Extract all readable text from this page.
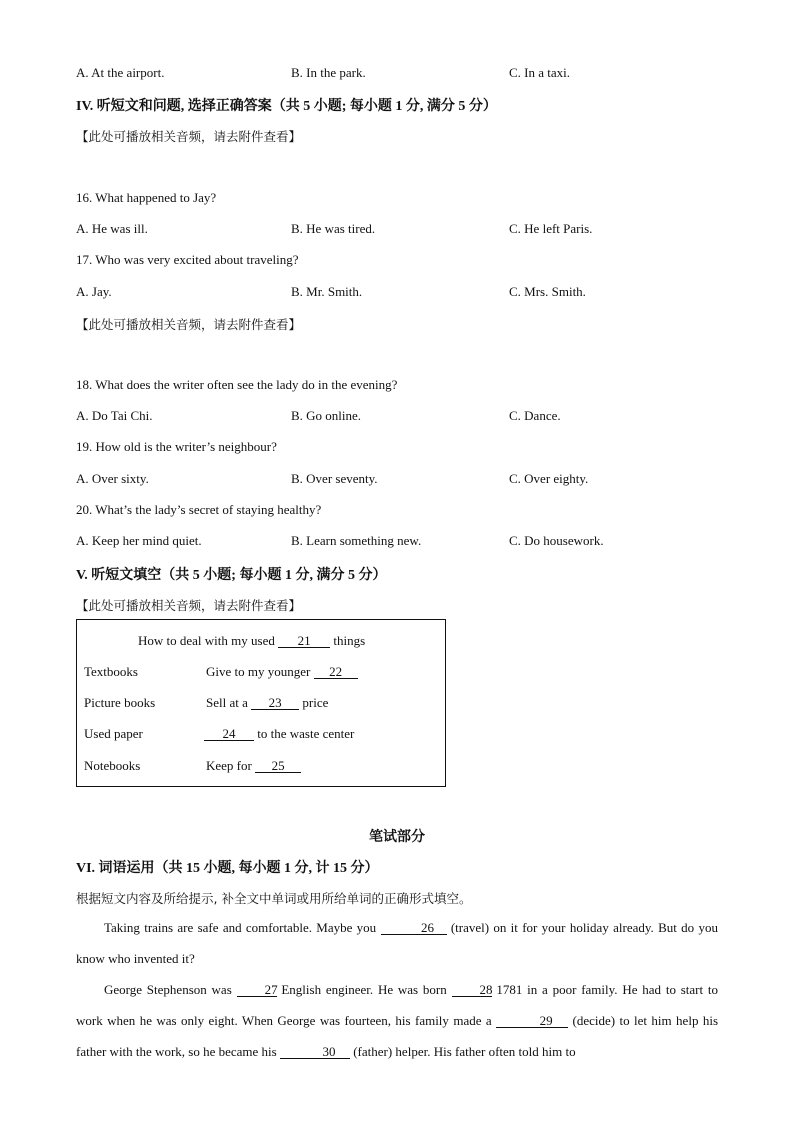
A. At the airport.	B. In the park.	C. In a taxi.
IV. 听短文和问题, 选择正确答案（共 5 小题; 每小题 1 分, 满分 5 分）
【此处可播放相关音频，请去附件查看】
16. What happened to Jay?
A. He was ill.	B. He was tired.	C. He left Paris.
17. Who was very excited about traveling?
A. Jay.	B. Mr. Smith.	C. Mrs. Smith.
18. What does the writer often see the lady do in the evening?
A. Do Tai Chi.	B. Go online.	C. Dance.
19. How old is the writer’s neighbour?
A. Over sixty.	B. Over seventy.	C. Over eighty.
20. What’s the lady’s secret of staying healthy?
A. Keep her mind quiet.	B. Learn something new.	C. Do housework.
【此处可播放相关音频，请去附件查看】
V. 听短文填空（共 5 小题; 每小题 1 分, 满分 5 分）
【此处可播放相关音频，请去附件查看】
How to deal with my used 21 things
Textbooks	Give to my younger 22
Picture books	Sell at a 23 price
Used paper	24 to the waste center
Notebooks	Keep for 25
笔试部分
VI. 词语运用（共 15 小题, 每小题 1 分, 计 15 分）
根据短文内容及所给提示, 补全文中单词或用所给单词的正确形式填空。
Taking trains are safe and comfortable. Maybe you	26 (travel) on it for your holiday already. But do you know who invented it?
George Stephenson was	27 English engineer. He was born	28 1781 in a poor family. He had to start to work when he was only eight. When George was fourteen, his family made a	29 (decide) to let him help his father with the work, so he became his	30 (father) helper. His father often told him to
